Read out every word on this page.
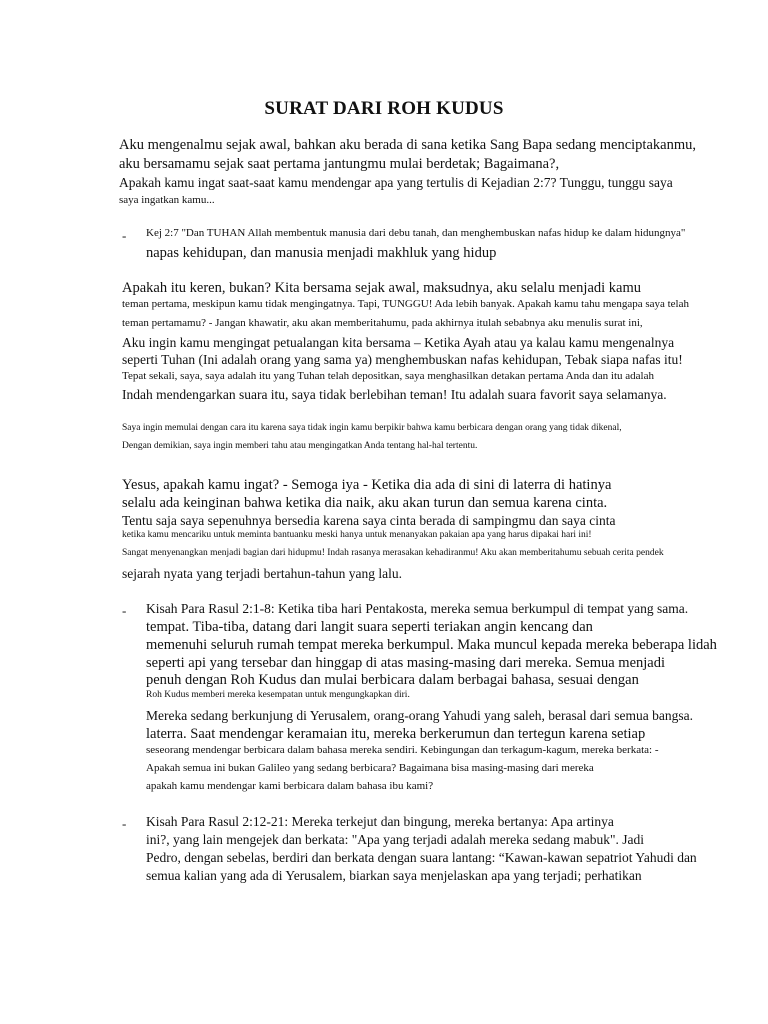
SURAT DARI ROH KUDUS
Aku mengenalmu sejak awal, bahkan aku berada di sana ketika Sang Bapa sedang menciptakanmu,
aku bersamamu sejak saat pertama jantungmu mulai berdetak; Bagaimana?,
Apakah kamu ingat saat-saat kamu mendengar apa yang tertulis di Kejadian 2:7? Tunggu, tunggu saya
saya ingatkan kamu...
- Kej 2:7 "Dan TUHAN Allah membentuk manusia dari debu tanah, dan menghembuskan nafas hidup ke dalam hidungnya"
napas kehidupan, dan manusia menjadi makhluk yang hidup
Apakah itu keren, bukan? Kita bersama sejak awal, maksudnya, aku selalu menjadi kamu
teman pertama, meskipun kamu tidak mengingatnya. Tapi, TUNGGU! Ada lebih banyak. Apakah kamu tahu mengapa saya telah
teman pertamamu? - Jangan khawatir, aku akan memberitahumu, pada akhirnya itulah sebabnya aku menulis surat ini,
Aku ingin kamu mengingat petualangan kita bersama – Ketika Ayah atau ya kalau kamu mengenalnya
seperti Tuhan (Ini adalah orang yang sama ya) menghembuskan nafas kehidupan, Tebak siapa nafas itu!
Tepat sekali, saya, saya adalah itu yang Tuhan telah depositkan, saya menghasilkan detakan pertama Anda dan itu adalah
Indah mendengarkan suara itu, saya tidak berlebihan teman! Itu adalah suara favorit saya selamanya.
Saya ingin memulai dengan cara itu karena saya tidak ingin kamu berpikir bahwa kamu berbicara dengan orang yang tidak dikenal,
Dengan demikian, saya ingin memberi tahu atau mengingatkan Anda tentang hal-hal tertentu.
Yesus, apakah kamu ingat? - Semoga iya - Ketika dia ada di sini di laterra di hatinya
selalu ada keinginan bahwa ketika dia naik, aku akan turun dan semua karena cinta.
Tentu saja saya sepenuhnya bersedia karena saya cinta berada di sampingmu dan saya cinta
ketika kamu mencariku untuk meminta bantuanku meski hanya untuk menanyakan pakaian apa yang harus dipakai hari ini!
Sangat menyenangkan menjadi bagian dari hidupmu! Indah rasanya merasakan kehadiranmu! Aku akan memberitahumu sebuah cerita pendek
sejarah nyata yang terjadi bertahun-tahun yang lalu.
- Kisah Para Rasul 2:1-8: Ketika tiba hari Pentakosta, mereka semua berkumpul di tempat yang sama.
tempat. Tiba-tiba, datang dari langit suara seperti teriakan angin kencang dan
memenuhi seluruh rumah tempat mereka berkumpul. Maka muncul kepada mereka beberapa lidah
seperti api yang tersebar dan hinggap di atas masing-masing dari mereka. Semua menjadi
penuh dengan Roh Kudus dan mulai berbicara dalam berbagai bahasa, sesuai dengan
Roh Kudus memberi mereka kesempatan untuk mengungkapkan diri.
Mereka sedang berkunjung di Yerusalem, orang-orang Yahudi yang saleh, berasal dari semua bangsa.
laterra. Saat mendengar keramaian itu, mereka berkerumun dan tertegun karena setiap
seseorang mendengar berbicara dalam bahasa mereka sendiri. Kebingungan dan terkagum-kagum, mereka berkata: -
Apakah semua ini bukan Galileo yang sedang berbicara? Bagaimana bisa masing-masing dari mereka
apakah kamu mendengar kami berbicara dalam bahasa ibu kami?
- Kisah Para Rasul 2:12-21: Mereka terkejut dan bingung, mereka bertanya: Apa artinya
ini?, yang lain mengejek dan berkata: "Apa yang terjadi adalah mereka sedang mabuk". Jadi
Pedro, dengan sebelas, berdiri dan berkata dengan suara lantang: “Kawan-kawan sepatriot Yahudi dan
semua kalian yang ada di Yerusalem, biarkan saya menjelaskan apa yang terjadi; perhatikan
